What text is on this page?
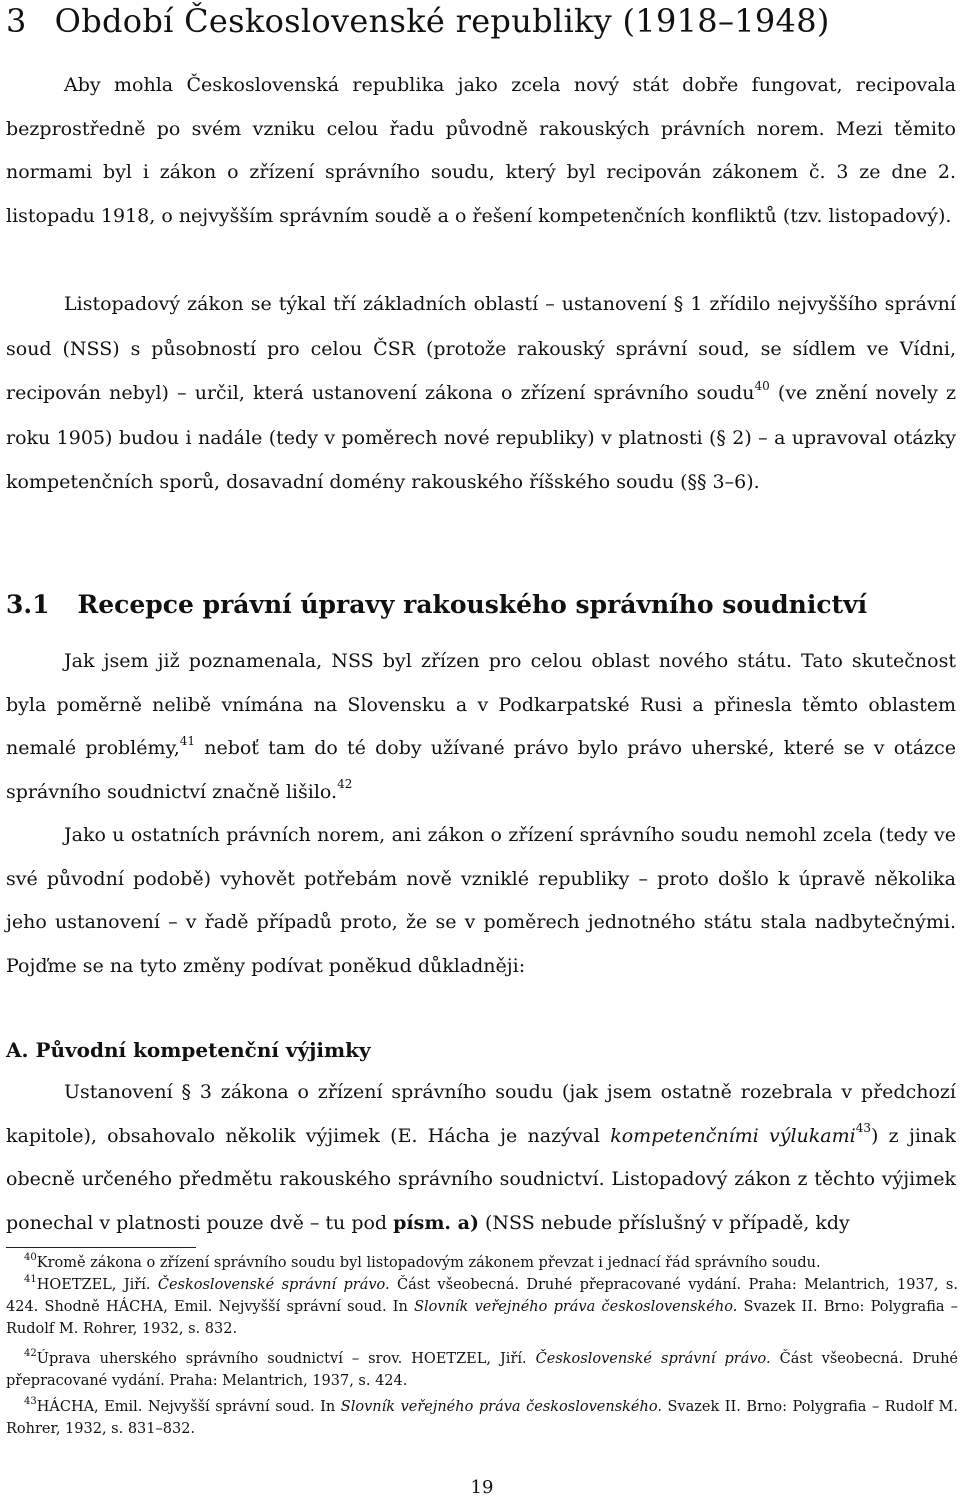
3 Období Československé republiky (1918–1948)

Aby mohla Československá republika jako zcela nový stát dobře fungovat, recipovala bezprostředně po svém vzniku celou řadu původně rakouských právních norem. Mezi těmito normami byl i zákon o zřízení správního soudu, který byl recipován zákonem č. 3 ze dne 2. listopadu 1918, o nejvyšším správním soudě a o řešení kompetenčních konfliktů (tzv. listopadový).

Listopadový zákon se týkal tří základních oblastí – ustanovení § 1 zřídilo nejvyššího správní soud (NSS) s působností pro celou ČSR (protože rakouský správní soud, se sídlem ve Vídni, recipován nebyl) – určil, která ustanovení zákona o zřízení správního soudu$^{40}$ (ve znění novely z roku 1905) budou i nadále (tedy v poměrech nové republiky) v platnosti (§ 2) – a upravoval otázky kompetenčních sporů, dosavadní domény rakouského říšského soudu (§§ 3–6).

3.1 Recepce právní úpravy rakouského správního soudnictví

Jak jsem již poznamenala, NSS byl zřízen pro celou oblast nového státu. Tato skutečnost byla poměrně nelibě vnímána na Slovensku a v Podkarpatské Rusi a přinesla těmto oblastem nemalé problémy,$^{41}$ neboť tam do té doby užívané právo bylo právo uherské, které se v otázce správního soudnictví značně lišilo.$^{42}$

Jako u ostatních právních norem, ani zákon o zřízení správního soudu nemohl zcela (tedy ve své původní podobě) vyhovět potřebám nově vzniklé republiky – proto došlo k úpravě několika jeho ustanovení – v řadě případů proto, že se v poměrech jednotného státu stala nadbytečnými. Pojďme se na tyto změny podívat poněkud důkladněji:

A. Původní kompetenční výjimky

Ustanovení § 3 zákona o zřízení správního soudu (jak jsem ostatně rozebrala v předchozí kapitole), obsahovalo několik výjimek (E. Hácha je nazýval kompetenčními výlukami$^{43}$) z jinak obecně určeného předmětu rakouského správního soudnictví. Listopadový zákon z těchto výjimek ponechal v platnosti pouze dvě – tu pod písm. a) (NSS nebude příslušný v případě, kdy

$^{40}$Kromě zákona o zřízení správního soudu byl listopadovým zákonem převzat i jednací řád správního soudu.

$^{41}$HOETZEL, Jiří. Československé správní právo. Část všeobecná. Druhé přepracované vydání. Praha: Melantrich, 1937, s. 424. Shodně HÁCHA, Emil. Nejvyšší správní soud. In Slovník veřejného práva československého. Svazek II. Brno: Polygrafia – Rudolf M. Rohrer, 1932, s. 832.

$^{42}$Úprava uherského správního soudnictví – srov. HOETZEL, Jiří. Československé správní právo. Část všeobecná. Druhé přepracované vydání. Praha: Melantrich, 1937, s. 424.

$^{43}$HÁCHA, Emil. Nejvyšší správní soud. In Slovník veřejného práva československého. Svazek II. Brno: Polygrafia – Rudolf M. Rohrer, 1932, s. 831–832.

19
